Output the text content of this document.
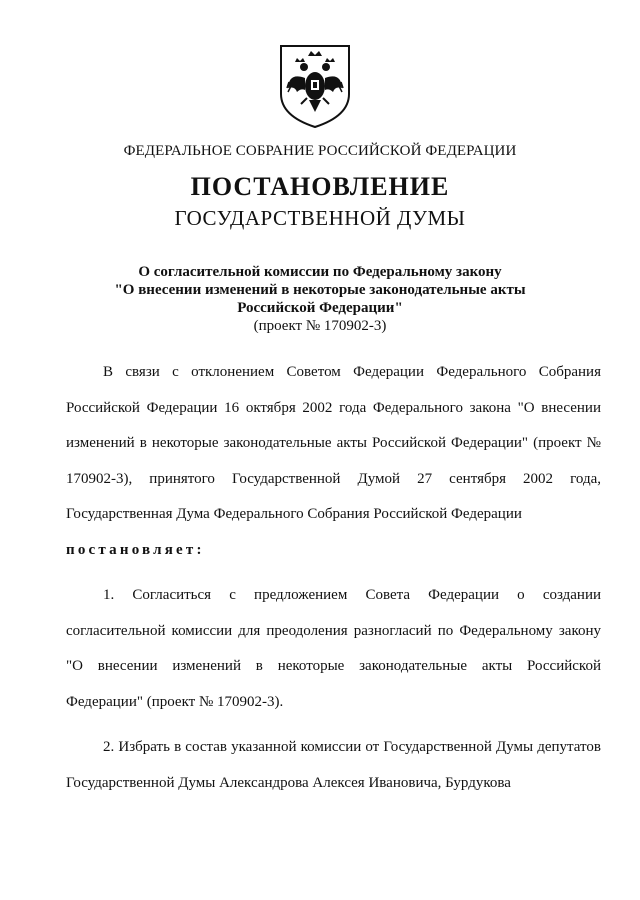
ФЕДЕРАЛЬНОЕ СОБРАНИЕ РОССИЙСКОЙ ФЕДЕРАЦИИ
ПОСТАНОВЛЕНИЕ
ГОСУДАРСТВЕННОЙ ДУМЫ
О согласительной комиссии по Федеральному закону
"О внесении изменений в некоторые законодательные акты
Российской Федерации"
(проект № 170902-3)

В связи с отклонением Советом Федерации Федерального Собрания Российской Федерации 16 октября 2002 года Федерального закона "О внесении изменений в некоторые законодательные акты Российской Федерации" (проект № 170902-3), принятого Государственной Думой 27 сентября 2002 года, Государственная Дума Федерального Собрания Российской Федерации
постановляет:

1. Согласиться с предложением Совета Федерации о создании согласительной комиссии для преодоления разногласий по Федеральному закону "О внесении изменений в некоторые законодательные акты Российской Федерации" (проект № 170902-3).

2. Избрать в состав указанной комиссии от Государственной Думы депутатов Государственной Думы Александрова Алексея Ивановича, Бурдукова
